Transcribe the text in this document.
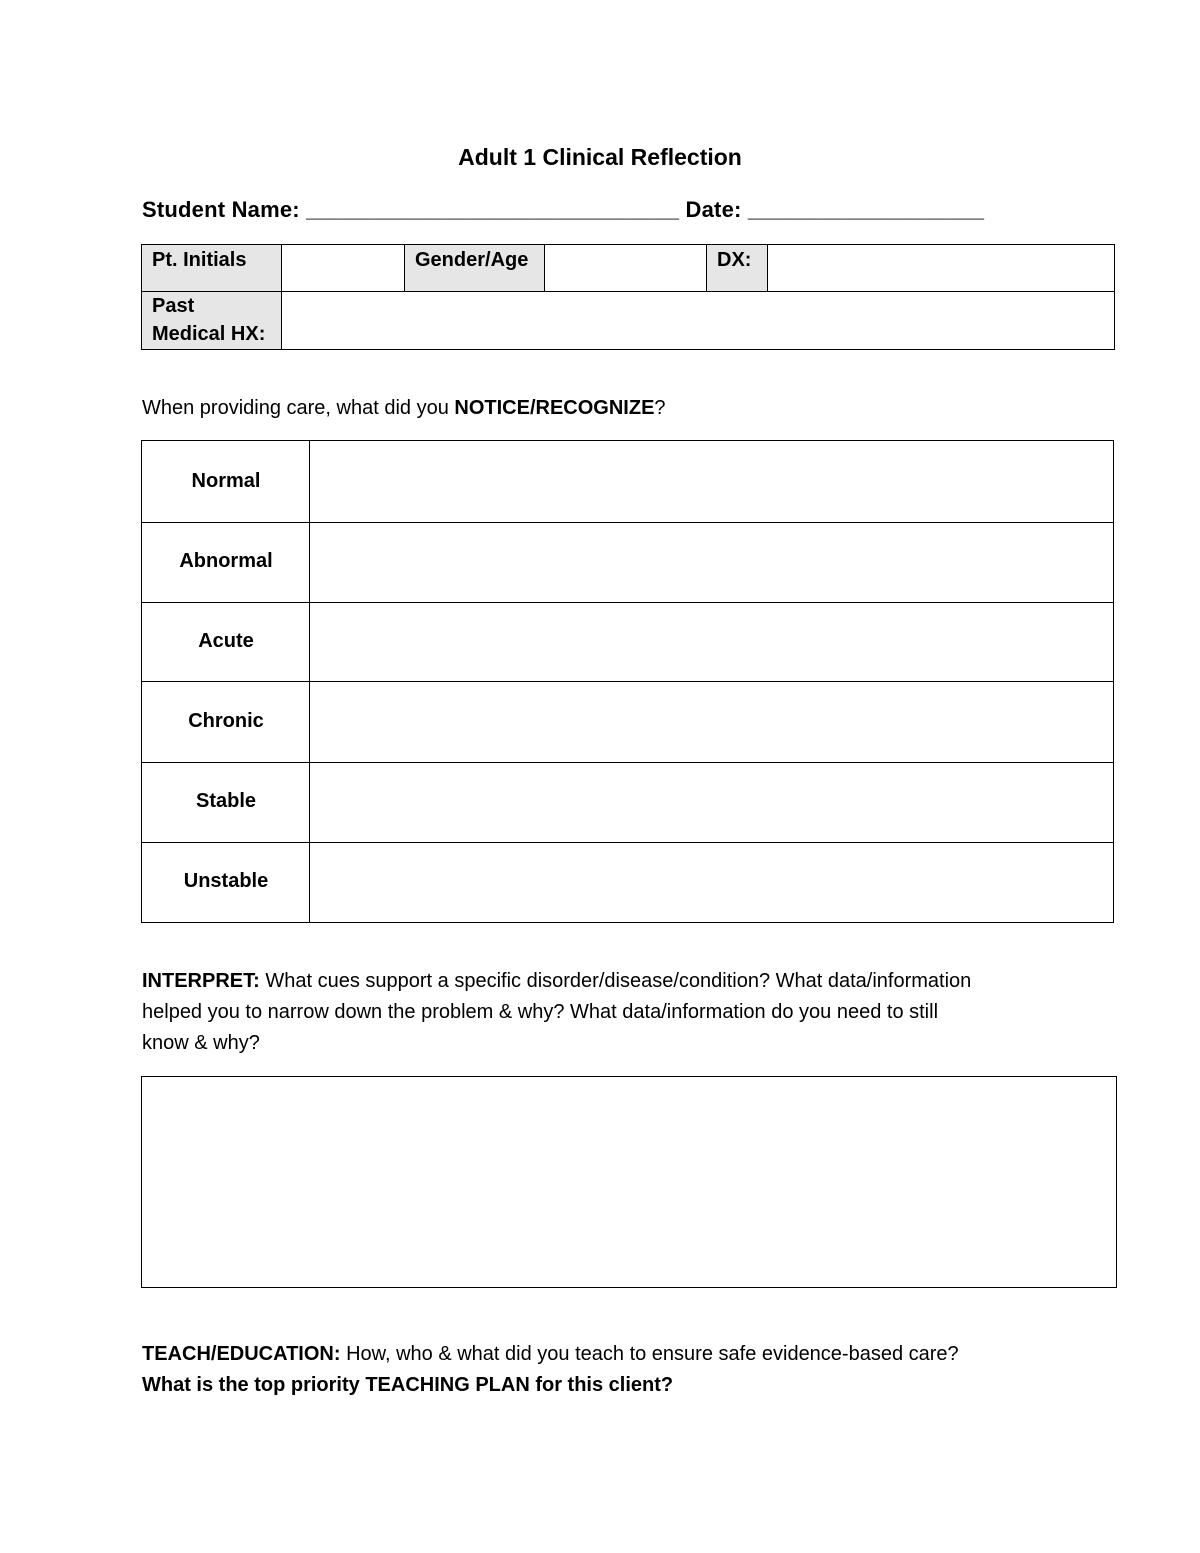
Adult 1 Clinical Reflection
Student Name: ______________________________ Date: ___________________
Pt. Initials	Gender/Age	DX:
Past
Medical HX:
When providing care, what did you NOTICE/RECOGNIZE?
Normal
Abnormal
Acute
Chronic
Stable
Unstable
INTERPRET: What cues support a specific disorder/disease/condition? What data/information
helped you to narrow down the problem & why? What data/information do you need to still
know & why?
TEACH/EDUCATION: How, who & what did you teach to ensure safe evidence-based care?
What is the top priority TEACHING PLAN for this client?
